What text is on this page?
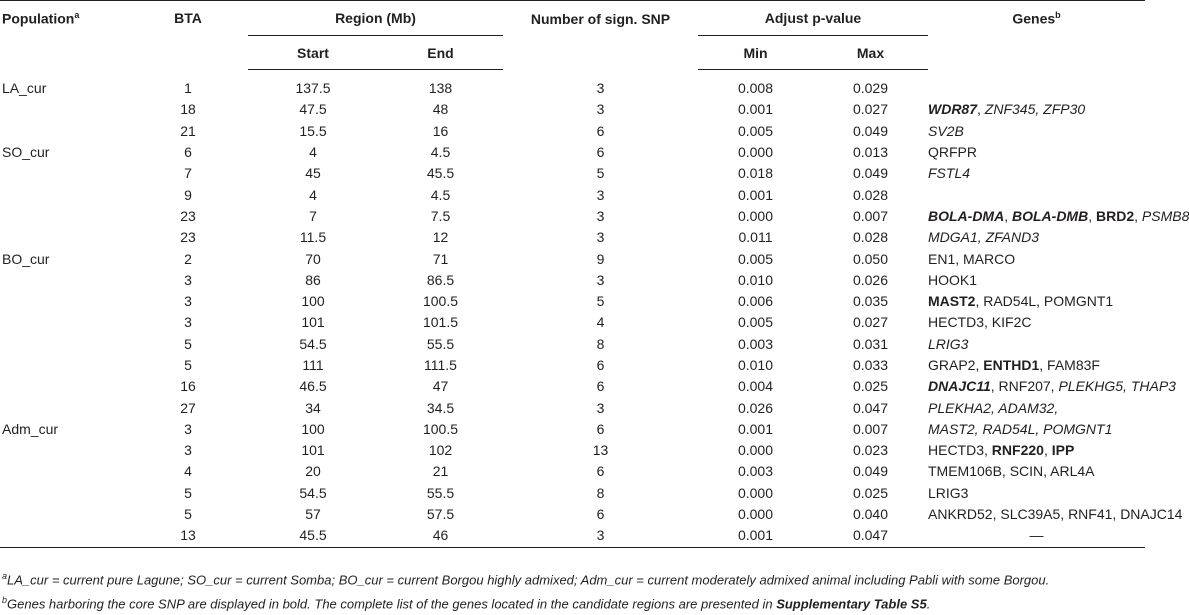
Population$^a$	BTA	Region (Mb)		Number of sign. SNP	Adjust p-value		Genes$^b$
		Start	End		Min	Max	

LA_cur	1	137.5	138	3	0.008	0.029	
	18	47.5	48	3	0.001	0.027	WDR87, ZNF345, ZFP30
	21	15.5	16	6	0.005	0.049	SV2B
SO_cur	6	4	4.5	6	0.000	0.013	QRFPR
	7	45	45.5	5	0.018	0.049	FSTL4
	9	4	4.5	3	0.001	0.028	
	23	7	7.5	3	0.000	0.007	BOLA-DMA, BOLA-DMB, BRD2, PSMB8
	23	11.5	12	3	0.011	0.028	MDGA1, ZFAND3
BO_cur	2	70	71	9	0.005	0.050	EN1, MARCO
	3	86	86.5	3	0.010	0.026	HOOK1
	3	100	100.5	5	0.006	0.035	MAST2, RAD54L, POMGNT1
	3	101	101.5	4	0.005	0.027	HECTD3, KIF2C
	5	54.5	55.5	8	0.003	0.031	LRIG3
	5	111	111.5	6	0.010	0.033	GRAP2, ENTHD1, FAM83F
	16	46.5	47	6	0.004	0.025	DNAJC11, RNF207, PLEKHG5, THAP3
	27	34	34.5	3	0.026	0.047	PLEKHA2, ADAM32,
Adm_cur	3	100	100.5	6	0.001	0.007	MAST2, RAD54L, POMGNT1
	3	101	102	13	0.000	0.023	HECTD3, RNF220, IPP
	4	20	21	6	0.003	0.049	TMEM106B, SCIN, ARL4A
	5	54.5	55.5	8	0.000	0.025	LRIG3
	5	57	57.5	6	0.000	0.040	ANKRD52, SLC39A5, RNF41, DNAJC14
	13	45.5	46	3	0.001	0.047	—
$^a$LA_cur = current pure Lagune; SO_cur = current Somba; BO_cur = current Borgou highly admixed; Adm_cur = current moderately admixed animal including Pabli with some Borgou.
$^b$Genes harboring the core SNP are displayed in bold. The complete list of the genes located in the candidate regions are presented in Supplementary Table S5.
